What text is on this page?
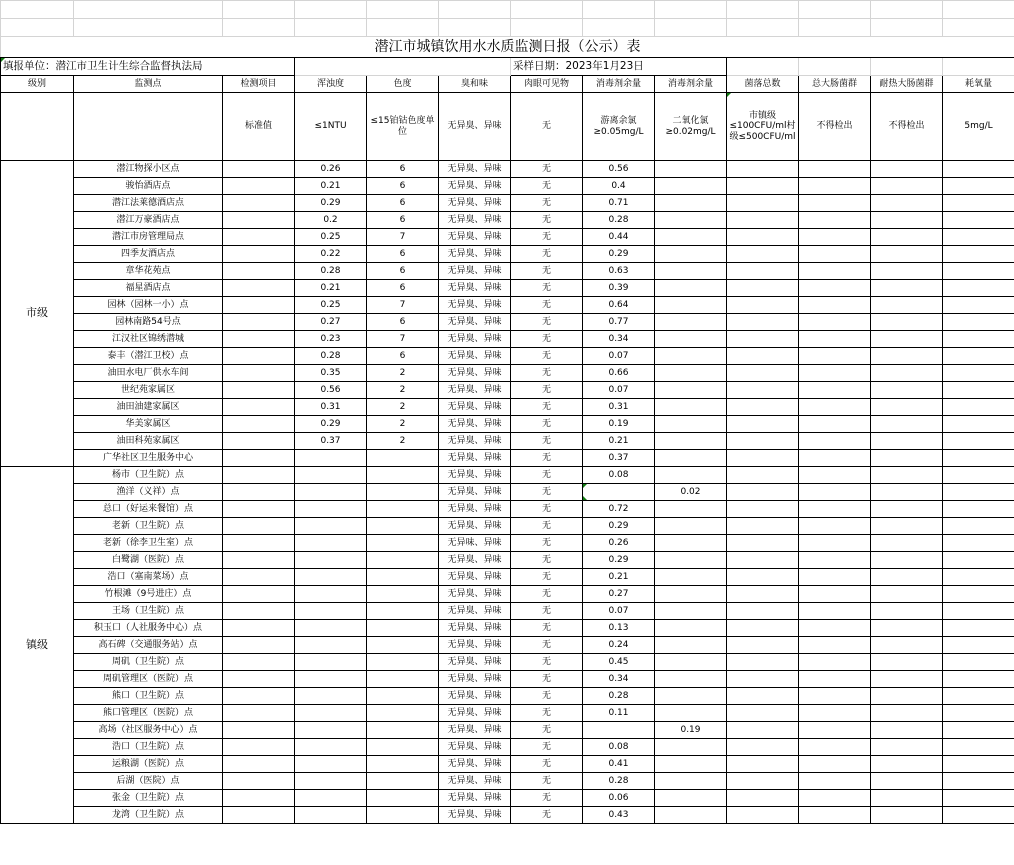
潜江市城镇饮用水水质监测日报（公示）表												
填报单位：潜江市卫生计生综合监督执法局						采样日期：2023年1月23日						
级别	监测点	检测项目	浑浊度	色度	臭和味	肉眼可见物	消毒剂余量	消毒剂余量	菌落总数	总大肠菌群	耐热大肠菌群	耗氧量
		标准值	≤1NTU	≤15铂钴色度单位	无异臭、异味	无	游离余氯≥0.05mg/L	二氧化氯≥0.02mg/L	市镇级≤100CFU/ml村级≤500CFU/ml	不得检出	不得检出	5mg/L
市级	潜江物探小区点		0.26	6	无异臭、异味	无	0.56					
	骏怡酒店点		0.21	6	无异臭、异味	无	0.4					
	潜江法莱德酒店点		0.29	6	无异臭、异味	无	0.71					
	潜江万豪酒店点		0.2	6	无异臭、异味	无	0.28					
	潜江市房管理局点		0.25	7	无异臭、异味	无	0.44					
	四季友酒店点		0.22	6	无异臭、异味	无	0.29					
	章华花苑点		0.28	6	无异臭、异味	无	0.63					
	福星酒店点		0.21	6	无异臭、异味	无	0.39					
	园林（园林一小）点		0.25	7	无异臭、异味	无	0.64					
	园林南路54号点		0.27	6	无异臭、异味	无	0.77					
	江汉社区锦绣潜城		0.23	7	无异臭、异味	无	0.34					
	泰丰（潜江卫校）点		0.28	6	无异臭、异味	无	0.07					
	油田水电厂供水车间		0.35	2	无异臭、异味	无	0.66					
	世纪苑家属区		0.56	2	无异臭、异味	无	0.07					
	油田油建家属区		0.31	2	无异臭、异味	无	0.31					
	华美家属区		0.29	2	无异臭、异味	无	0.19					
	油田科苑家属区		0.37	2	无异臭、异味	无	0.21					
	广华社区卫生服务中心				无异臭、异味	无	0.37					
镇级	杨市（卫生院）点				无异臭、异味	无	0.08					
	渔洋（义祥）点				无异臭、异味	无		0.02				
	总口（好运来餐馆）点				无异臭、异味	无	0.72					
	老新（卫生院）点				无异臭、异味	无	0.29					
	老新（徐李卫生室）点				无异味、异味	无	0.26					
	白鹭湖（医院）点				无异臭、异味	无	0.29					
	浩口（塞南菜场）点				无异臭、异味	无	0.21					
	竹根滩（9号进庄）点				无异臭、异味	无	0.27					
	王场（卫生院）点				无异臭、异味	无	0.07					
	积玉口（人社服务中心）点				无异臭、异味	无	0.13					
	高石碑（交通服务站）点				无异臭、异味	无	0.24					
	周矶（卫生院）点				无异臭、异味	无	0.45					
	周矶管理区（医院）点				无异臭、异味	无	0.34					
	熊口（卫生院）点				无异臭、异味	无	0.28					
	熊口管理区（医院）点				无异臭、异味	无	0.11					
	高场（社区服务中心）点				无异臭、异味	无		0.19				
	浩口（卫生院）点				无异臭、异味	无	0.08					
	运粮湖（医院）点				无异臭、异味	无	0.41					
	后湖（医院）点				无异臭、异味	无	0.28					
	张金（卫生院）点				无异臭、异味	无	0.06					
	龙湾（卫生院）点				无异臭、异味	无	0.43					
